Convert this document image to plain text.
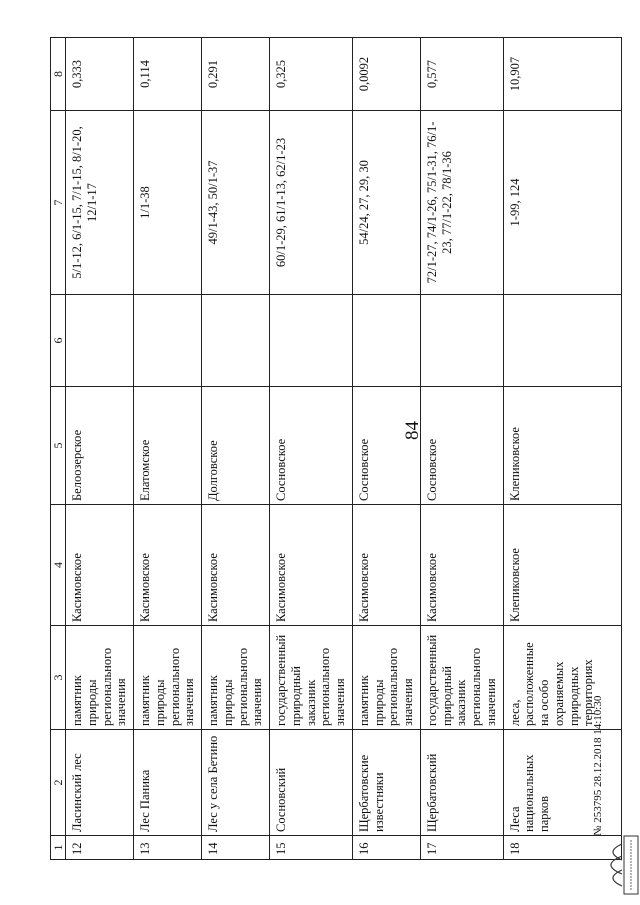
84
1	2	3	4	5	6	7	8
12	Ласинский лес	памятник природы регионального значения	Касимовское	Белоозерское		5/1-12, 6/1-15, 7/1-15, 8/1-20, 12/1-17	0,333
13	Лес Паника	памятник природы регионального значения	Касимовское	Елатомское		1/1-38	0,114
14	Лес у села Бетино	памятник природы регионального значения	Касимовское	Долговское		49/1-43, 50/1-37	0,291
15	Сосновский	государственный природный заказник регионального значения	Касимовское	Сосновское		60/1-29, 61/1-13, 62/1-23	0,325
16	Щербатовские известняки	памятник природы регионального значения	Касимовское	Сосновское		54/24, 27, 29, 30	0,0092
17	Щербатовский	государственный природный заказник регионального значения	Касимовское	Сосновское		72/1-27, 74/1-26, 75/1-31, 76/1-23, 77/1-22, 78/1-36	0,577
18	Леса национальных парков	леса, расположенные на особо охраняемых природных территориях	Клепиковское	Клепиковское		1-99, 124	10,907
№ 253795 28.12.2018 14:10:30
